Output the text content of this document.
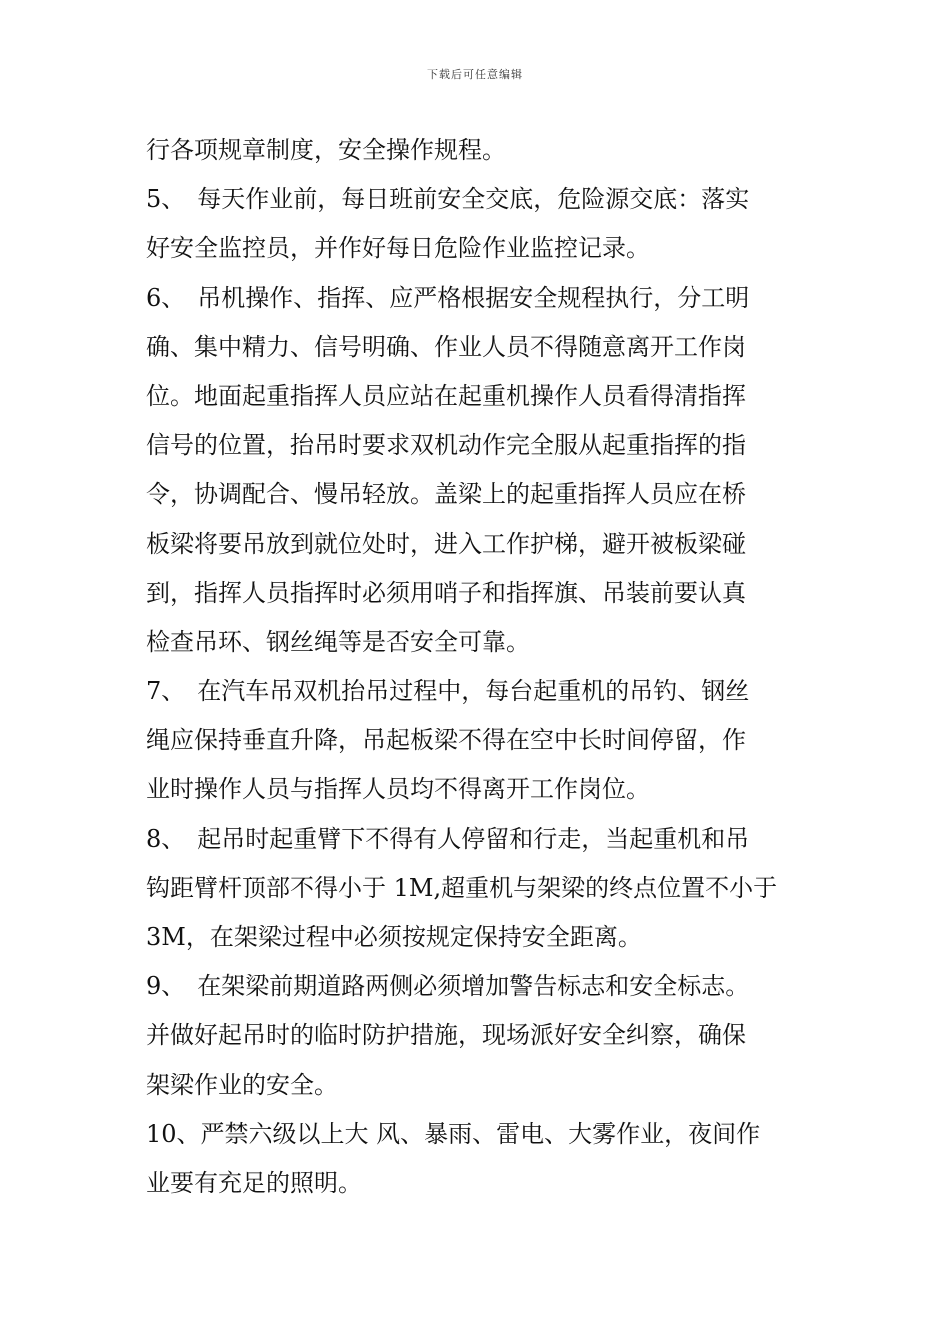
下载后可任意编辑
行各项规章制度，安全操作规程。
5、　每天作业前，每日班前安全交底，危险源交底：落实
好安全监控员，并作好每日危险作业监控记录。
6、　吊机操作、指挥、应严格根据安全规程执行，分工明
确、集中精力、信号明确、作业人员不得随意离开工作岗
位。地面起重指挥人员应站在起重机操作人员看得清指挥
信号的位置，抬吊时要求双机动作完全服从起重指挥的指
令，协调配合、慢吊轻放。盖梁上的起重指挥人员应在桥
板梁将要吊放到就位处时，进入工作护梯，避开被板梁碰
到，指挥人员指挥时必须用哨子和指挥旗、吊装前要认真
检查吊环、钢丝绳等是否安全可靠。
7、　在汽车吊双机抬吊过程中，每台起重机的吊钓、钢丝
绳应保持垂直升降，吊起板梁不得在空中长时间停留，作
业时操作人员与指挥人员均不得离开工作岗位。
8、　起吊时起重臂下不得有人停留和行走，当起重机和吊
钩距臂杆顶部不得小于 1M,超重机与架梁的终点位置不小于
3M，在架梁过程中必须按规定保持安全距离。
9、　在架梁前期道路两侧必须增加警告标志和安全标志。
并做好起吊时的临时防护措施，现场派好安全纠察，确保
架梁作业的安全。
10、严禁六级以上大 风、暴雨、雷电、大雾作业，夜间作
业要有充足的照明。
